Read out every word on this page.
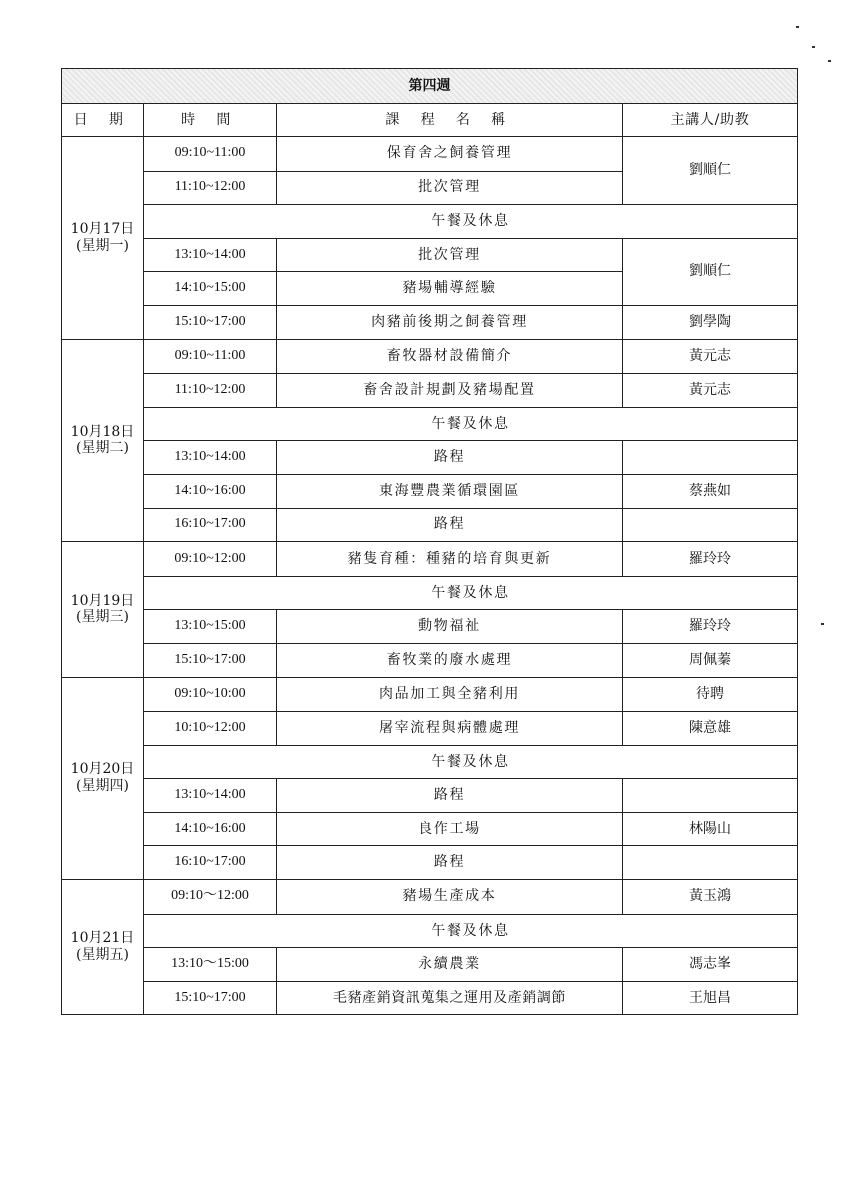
第四週			
日 期	時 間	課 程 名 稱	主講人/助教

10月17日
(星期一)	09:10~11:00	保育舍之飼養管理	劉順仁
	11:10~12:00	批次管理	
	午餐及休息		
	13:10~14:00	批次管理	劉順仁
	14:10~15:00	豬場輔導經驗	
	15:10~17:00	肉豬前後期之飼養管理	劉學陶

10月18日
(星期二)	09:10~11:00	畜牧器材設備簡介	黃元志
	11:10~12:00	畜舍設計規劃及豬場配置	黃元志
	午餐及休息		
	13:10~14:00	路程	
	14:10~16:00	東海豐農業循環園區	蔡燕如
	16:10~17:00	路程	

10月19日
(星期三)	09:10~12:00	豬隻育種：種豬的培育與更新	羅玲玲
	午餐及休息		
	13:10~15:00	動物福祉	羅玲玲
	15:10~17:00	畜牧業的廢水處理	周佩蓁

10月20日
(星期四)	09:10~10:00	肉品加工與全豬利用	待聘
	10:10~12:00	屠宰流程與病體處理	陳意雄
	午餐及休息		
	13:10~14:00	路程	
	14:10~16:00	良作工場	林陽山
	16:10~17:00	路程	

10月21日
(星期五)	09:10～12:00	豬場生產成本	黃玉鴻
	午餐及休息		
	13:10～15:00	永續農業	馮志峯
	15:10~17:00	毛豬產銷資訊蒐集之運用及產銷調節	王旭昌
